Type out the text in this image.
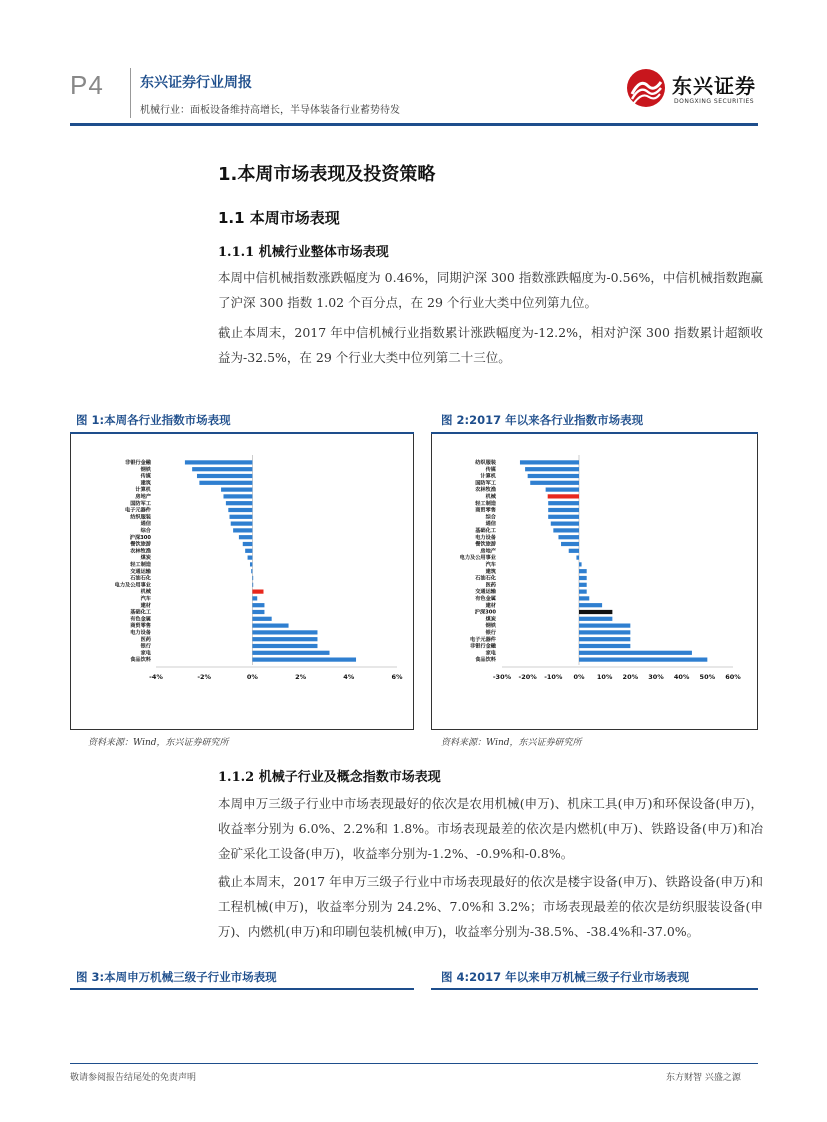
P4	东兴证券行业周报
机械行业：面板设备维持高增长，半导体装备行业蓄势待发
东兴证券
DONGXING SECURITIES
1.本周市场表现及投资策略
1.1 本周市场表现
1.1.1 机械行业整体市场表现
本周中信机械指数涨跌幅度为 0.46%，同期沪深 300 指数涨跌幅度为-0.56%，中信机械指数跑赢了沪深 300 指数 1.02 个百分点，在 29 个行业大类中位列第九位。
截止本周末，2017 年中信机械行业指数累计涨跌幅度为-12.2%，相对沪深 300 指数累计超额收益为-32.5%，在 29 个行业大类中位列第二十三位。
图 1:本周各行业指数市场表现
非银行金融
钢铁
传媒
建筑
计算机
房地产
国防军工
电子元器件
纺织服装
通信
综合
沪深300
餐饮旅游
农林牧渔
煤炭
轻工制造
交通运输
石油石化
电力及公用事业
机械
汽车
建材
基础化工
有色金属
商贸零售
电力设备
医药
银行
家电
食品饮料
-4%	-2%	0%	2%	4%	6%
资料来源：Wind，东兴证券研究所
图 2:2017 年以来各行业指数市场表现
纺织服装
传媒
计算机
国防军工
农林牧渔
机械
轻工制造
商贸零售
综合
通信
基础化工
电力设备
餐饮旅游
房地产
电力及公用事业
汽车
建筑
石油石化
医药
交通运输
有色金属
建材
沪深300
煤炭
钢铁
银行
电子元器件
非银行金融
家电
食品饮料
-30% -20% -10% 0% 10% 20% 30% 40% 50% 60%
资料来源：Wind，东兴证券研究所
1.1.2 机械子行业及概念指数市场表现
本周申万三级子行业中市场表现最好的依次是农用机械(申万)、机床工具(申万)和环保设备(申万)，收益率分别为 6.0%、2.2%和 1.8%。市场表现最差的依次是内燃机(申万)、铁路设备(申万)和冶金矿采化工设备(申万)，收益率分别为-1.2%、-0.9%和-0.8%。
截止本周末，2017 年申万三级子行业中市场表现最好的依次是楼宇设备(申万)、铁路设备(申万)和工程机械(申万)，收益率分别为 24.2%、7.0%和 3.2%；市场表现最差的依次是纺织服装设备(申万)、内燃机(申万)和印刷包装机械(申万)，收益率分别为-38.5%、-38.4%和-37.0%。
图 3:本周申万机械三级子行业市场表现	图 4:2017 年以来申万机械三级子行业市场表现
敬请参阅报告结尾处的免责声明	东方财智 兴盛之源
